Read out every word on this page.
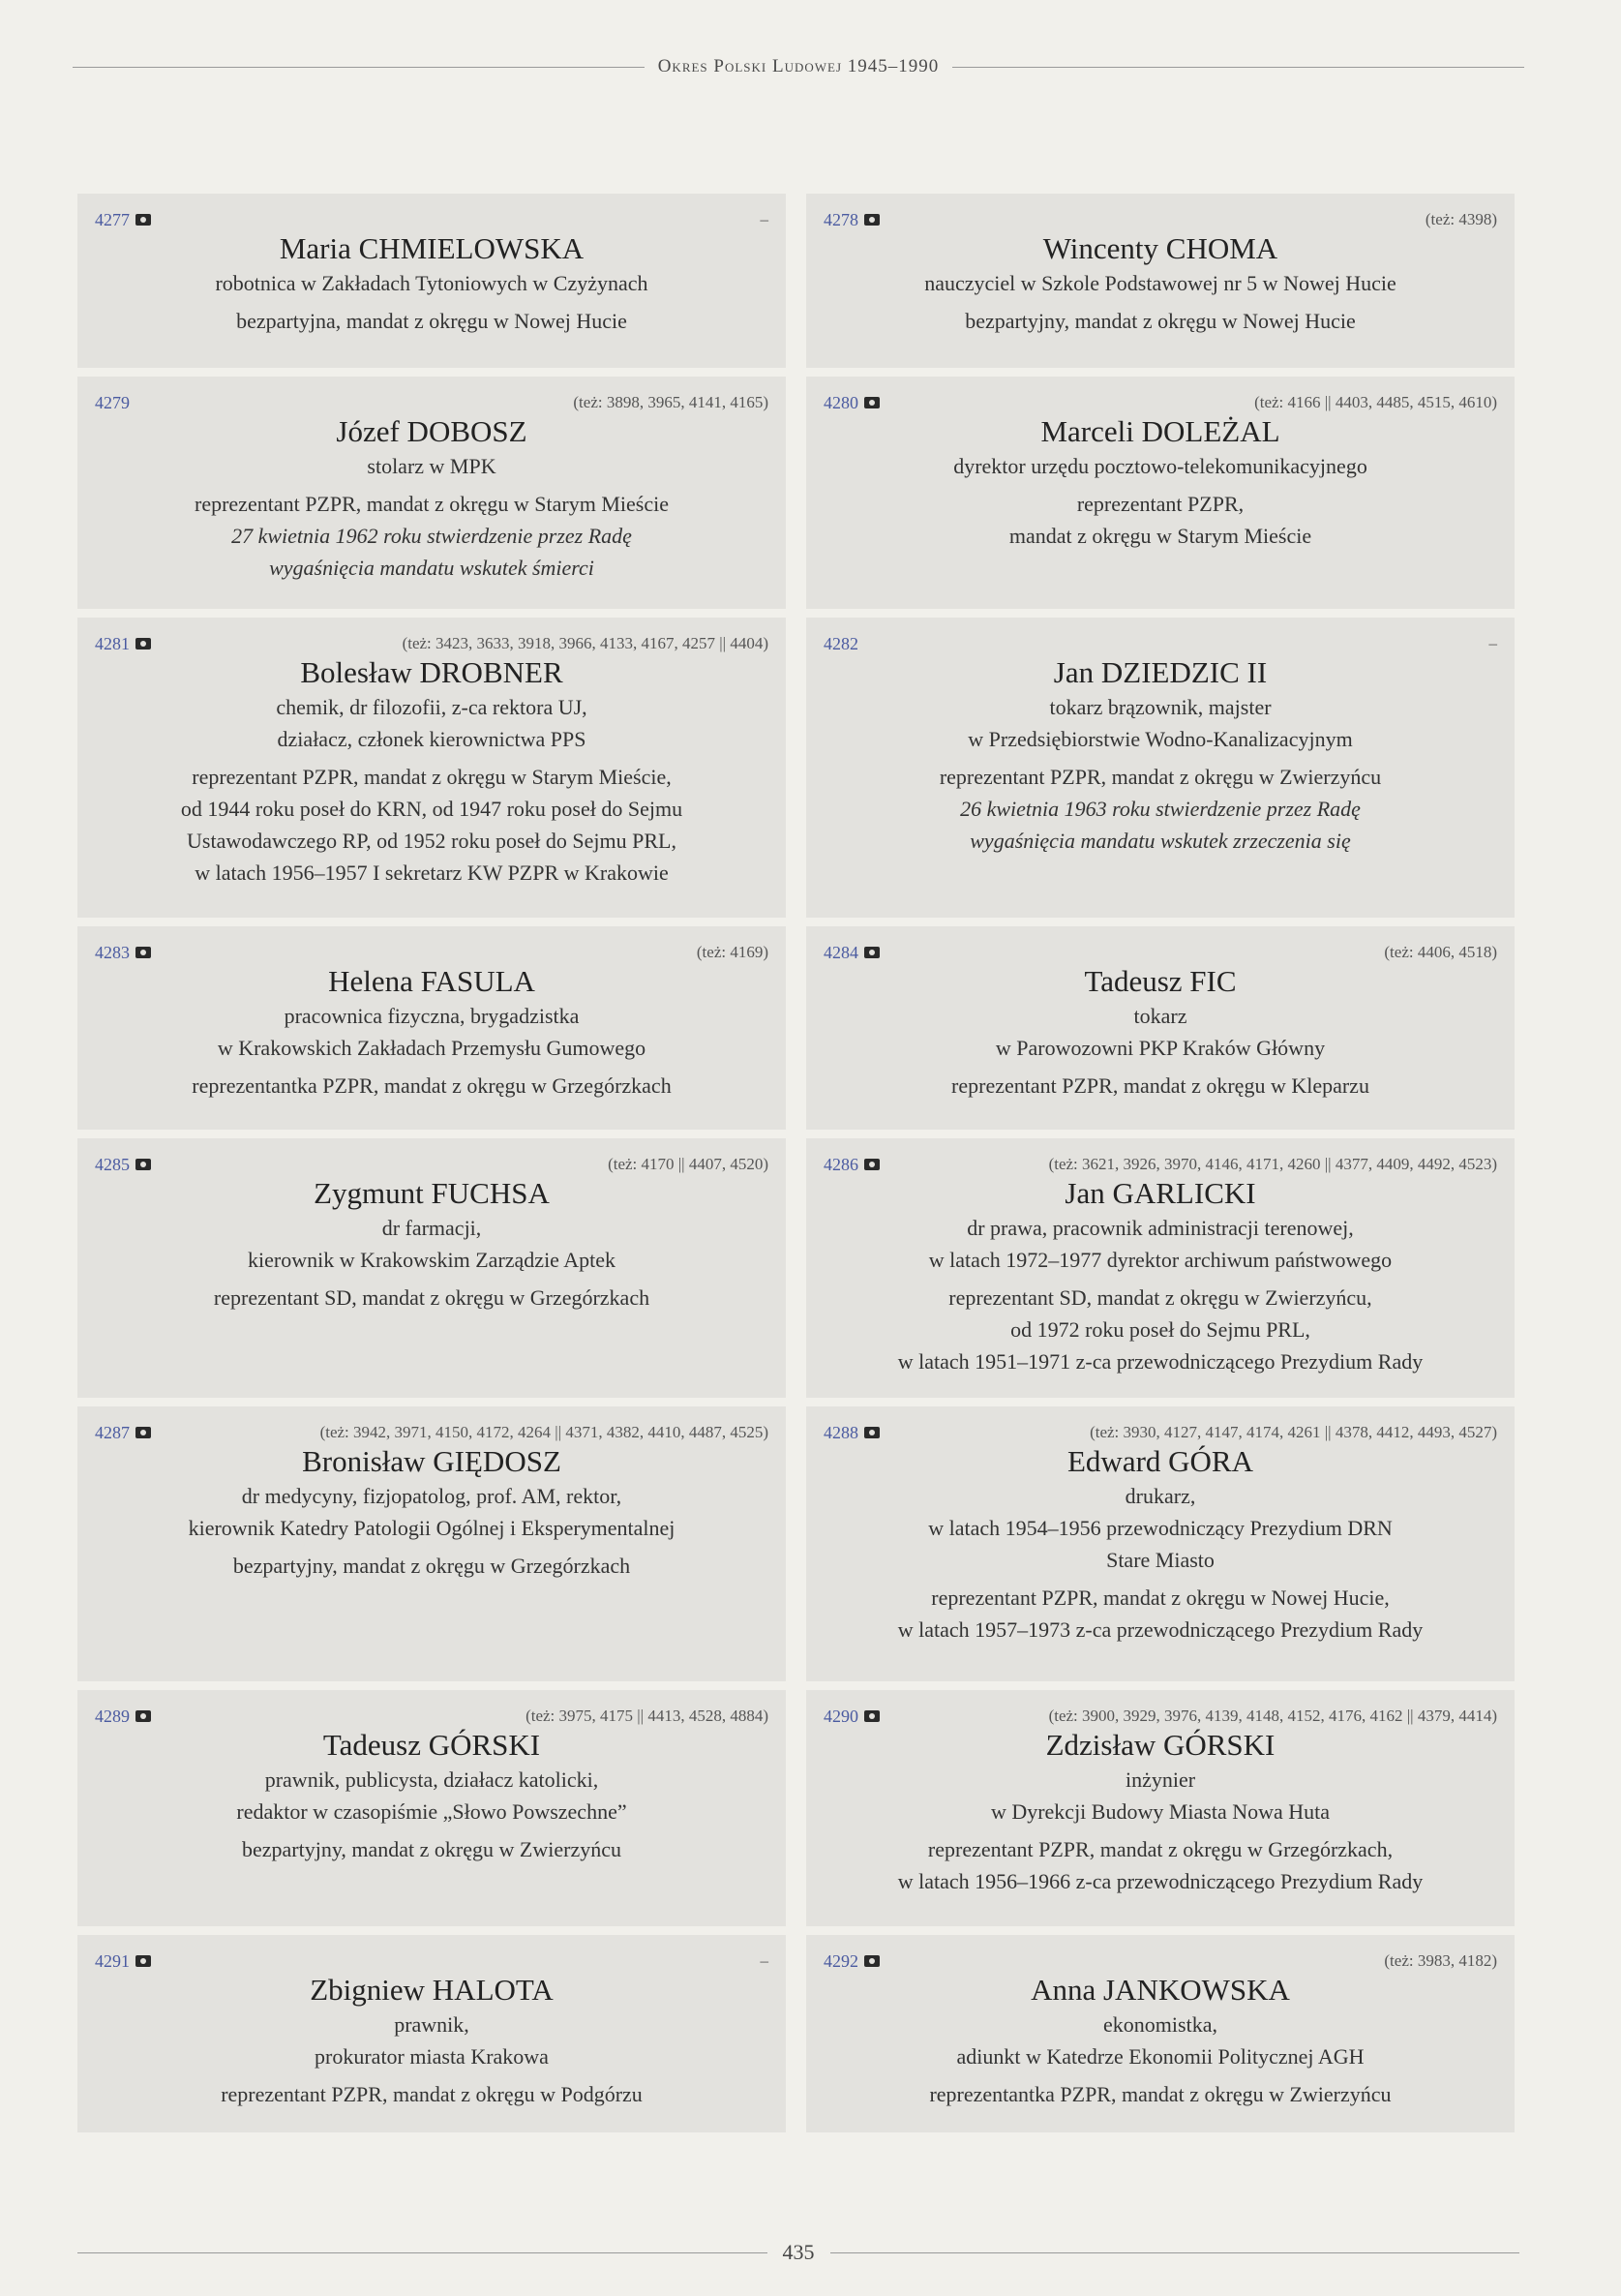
Okres Polski Ludowej 1945–1990
4277	–
Maria CHMIELOWSKA
robotnica w Zakładach Tytoniowych w Czyżynach
bezpartyjna, mandat z okręgu w Nowej Hucie
4278	(też: 4398)
Wincenty CHOMA
nauczyciel w Szkole Podstawowej nr 5 w Nowej Hucie
bezpartyjny, mandat z okręgu w Nowej Hucie
4279	(też: 3898, 3965, 4141, 4165)
Józef DOBOSZ
stolarz w MPK
reprezentant PZPR, mandat z okręgu w Starym Mieście
27 kwietnia 1962 roku stwierdzenie przez Radę
wygaśnięcia mandatu wskutek śmierci
4280	(też: 4166 || 4403, 4485, 4515, 4610)
Marceli DOLEŻAL
dyrektor urzędu pocztowo-telekomunikacyjnego
reprezentant PZPR,
mandat z okręgu w Starym Mieście
4281	(też: 3423, 3633, 3918, 3966, 4133, 4167, 4257 || 4404)
Bolesław DROBNER
chemik, dr filozofii, z-ca rektora UJ,
działacz, członek kierownictwa PPS
reprezentant PZPR, mandat z okręgu w Starym Mieście,
od 1944 roku poseł do KRN, od 1947 roku poseł do Sejmu
Ustawodawczego RP, od 1952 roku poseł do Sejmu PRL,
w latach 1956–1957 I sekretarz KW PZPR w Krakowie
4282	–
Jan DZIEDZIC II
tokarz brązownik, majster
w Przedsiębiorstwie Wodno-Kanalizacyjnym
reprezentant PZPR, mandat z okręgu w Zwierzyńcu
26 kwietnia 1963 roku stwierdzenie przez Radę
wygaśnięcia mandatu wskutek zrzeczenia się
4283	(też: 4169)
Helena FASULA
pracownica fizyczna, brygadzistka
w Krakowskich Zakładach Przemysłu Gumowego
reprezentantka PZPR, mandat z okręgu w Grzegórzkach
4284	(też: 4406, 4518)
Tadeusz FIC
tokarz
w Parowozowni PKP Kraków Główny
reprezentant PZPR, mandat z okręgu w Kleparzu
4285	(też: 4170 || 4407, 4520)
Zygmunt FUCHSA
dr farmacji,
kierownik w Krakowskim Zarządzie Aptek
reprezentant SD, mandat z okręgu w Grzegórzkach
4286	(też: 3621, 3926, 3970, 4146, 4171, 4260 || 4377, 4409, 4492, 4523)
Jan GARLICKI
dr prawa, pracownik administracji terenowej,
w latach 1972–1977 dyrektor archiwum państwowego
reprezentant SD, mandat z okręgu w Zwierzyńcu,
od 1972 roku poseł do Sejmu PRL,
w latach 1951–1971 z-ca przewodniczącego Prezydium Rady
4287	(też: 3942, 3971, 4150, 4172, 4264 || 4371, 4382, 4410, 4487, 4525)
Bronisław GIĘDOSZ
dr medycyny, fizjopatolog, prof. AM, rektor,
kierownik Katedry Patologii Ogólnej i Eksperymentalnej
bezpartyjny, mandat z okręgu w Grzegórzkach
4288	(też: 3930, 4127, 4147, 4174, 4261 || 4378, 4412, 4493, 4527)
Edward GÓRA
drukarz,
w latach 1954–1956 przewodniczący Prezydium DRN
Stare Miasto
reprezentant PZPR, mandat z okręgu w Nowej Hucie,
w latach 1957–1973 z-ca przewodniczącego Prezydium Rady
4289	(też: 3975, 4175 || 4413, 4528, 4884)
Tadeusz GÓRSKI
prawnik, publicysta, działacz katolicki,
redaktor w czasopiśmie „Słowo Powszechne”
bezpartyjny, mandat z okręgu w Zwierzyńcu
4290	(też: 3900, 3929, 3976, 4139, 4148, 4152, 4176, 4162 || 4379, 4414)
Zdzisław GÓRSKI
inżynier
w Dyrekcji Budowy Miasta Nowa Huta
reprezentant PZPR, mandat z okręgu w Grzegórzkach,
w latach 1956–1966 z-ca przewodniczącego Prezydium Rady
4291	–
Zbigniew HALOTA
prawnik,
prokurator miasta Krakowa
reprezentant PZPR, mandat z okręgu w Podgórzu
4292	(też: 3983, 4182)
Anna JANKOWSKA
ekonomistka,
adiunkt w Katedrze Ekonomii Politycznej AGH
reprezentantka PZPR, mandat z okręgu w Zwierzyńcu
435
